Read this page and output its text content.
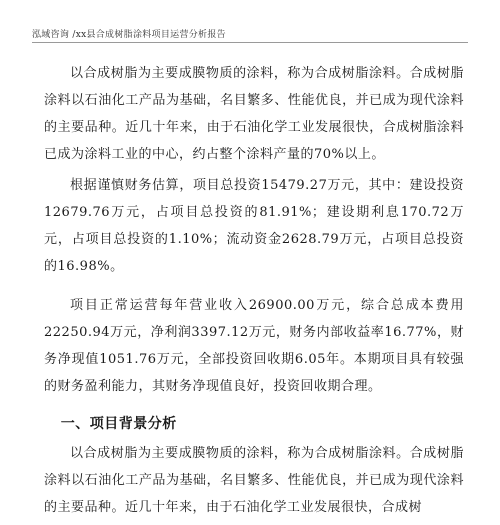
泓域咨询 /xx县合成树脂涂料项目运营分析报告

以合成树脂为主要成膜物质的涂料，称为合成树脂涂料。合成树脂涂料以石油化工产品为基础，名目繁多、性能优良，并已成为现代涂料的主要品种。近几十年来，由于石油化学工业发展很快，合成树脂涂料已成为涂料工业的中心，约占整个涂料产量的70%以上。

根据谨慎财务估算，项目总投资15479.27万元，其中：建设投资12679.76万元，占项目总投资的81.91%；建设期利息170.72万元，占项目总投资的1.10%；流动资金2628.79万元，占项目总投资的16.98%。

项目正常运营每年营业收入26900.00万元，综合总成本费用22250.94万元，净利润3397.12万元，财务内部收益率16.77%，财务净现值1051.76万元，全部投资回收期6.05年。本期项目具有较强的财务盈利能力，其财务净现值良好，投资回收期合理。

一、项目背景分析

以合成树脂为主要成膜物质的涂料，称为合成树脂涂料。合成树脂涂料以石油化工产品为基础，名目繁多、性能优良，并已成为现代涂料的主要品种。近几十年来，由于石油化学工业发展很快，合成树
